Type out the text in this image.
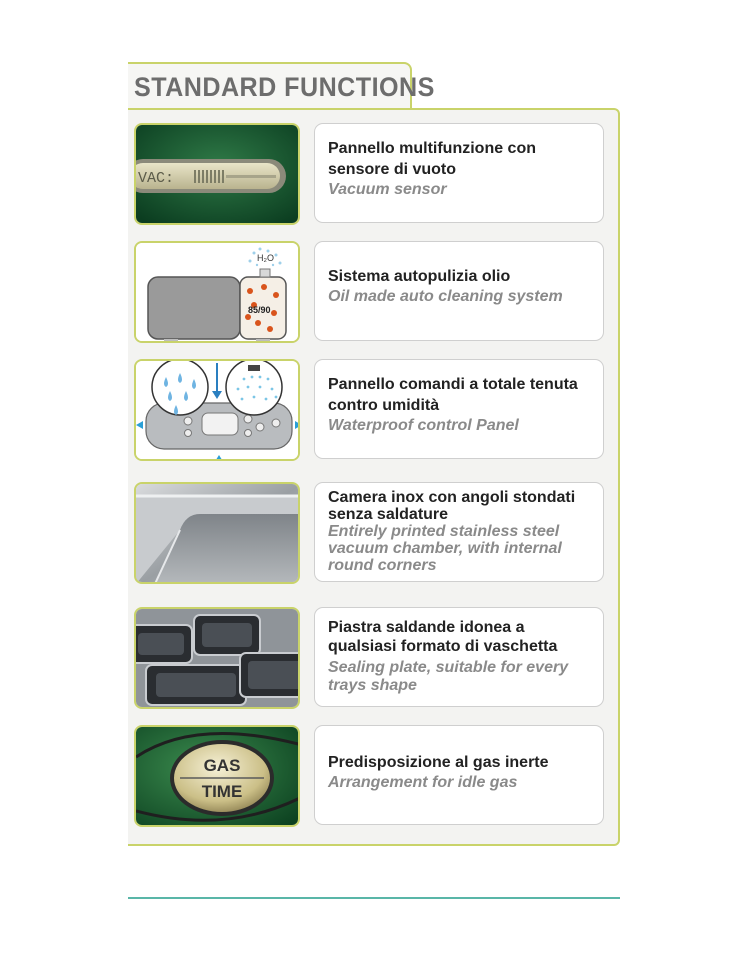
STANDARD FUNCTIONS
VAC:
Pannello multifunzione con sensore di vuoto
Vacuum sensor
H₂O
85/90
Sistema autopulizia olio
Oil made auto cleaning system
Pannello comandi a totale tenuta contro umidità
Waterproof control Panel
Camera inox con angoli stondati senza saldature
Entirely printed stainless steel vacuum chamber, with internal round corners
Piastra saldande idonea a qualsiasi formato di vaschetta
Sealing plate, suitable for every trays shape
GAS
TIME
Predisposizione al gas inerte
Arrangement for idle gas
